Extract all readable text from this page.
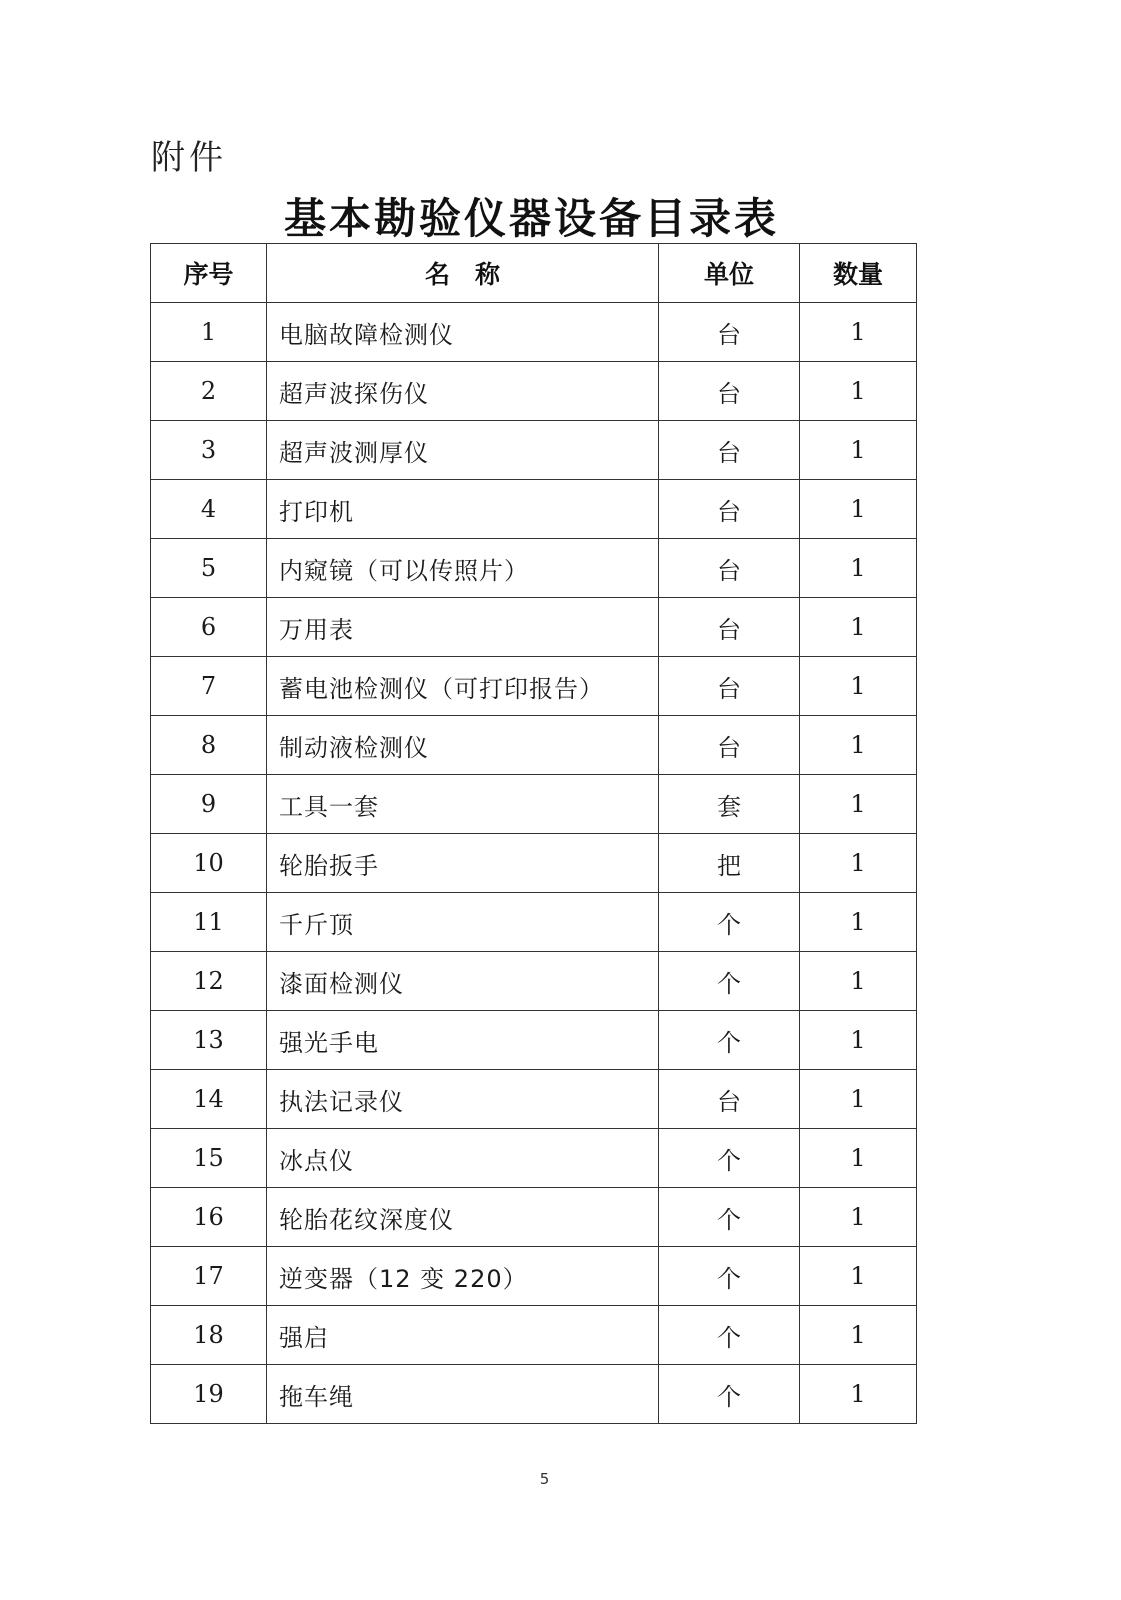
附件
基本勘验仪器设备目录表
序号	名　称	单位	数量
1	电脑故障检测仪	台	1
2	超声波探伤仪	台	1
3	超声波测厚仪	台	1
4	打印机	台	1
5	内窥镜（可以传照片）	台	1
6	万用表	台	1
7	蓄电池检测仪（可打印报告）	台	1
8	制动液检测仪	台	1
9	工具一套	套	1
10	轮胎扳手	把	1
11	千斤顶	个	1
12	漆面检测仪	个	1
13	强光手电	个	1
14	执法记录仪	台	1
15	冰点仪	个	1
16	轮胎花纹深度仪	个	1
17	逆变器（12 变 220）	个	1
18	强启	个	1
19	拖车绳	个	1
5
